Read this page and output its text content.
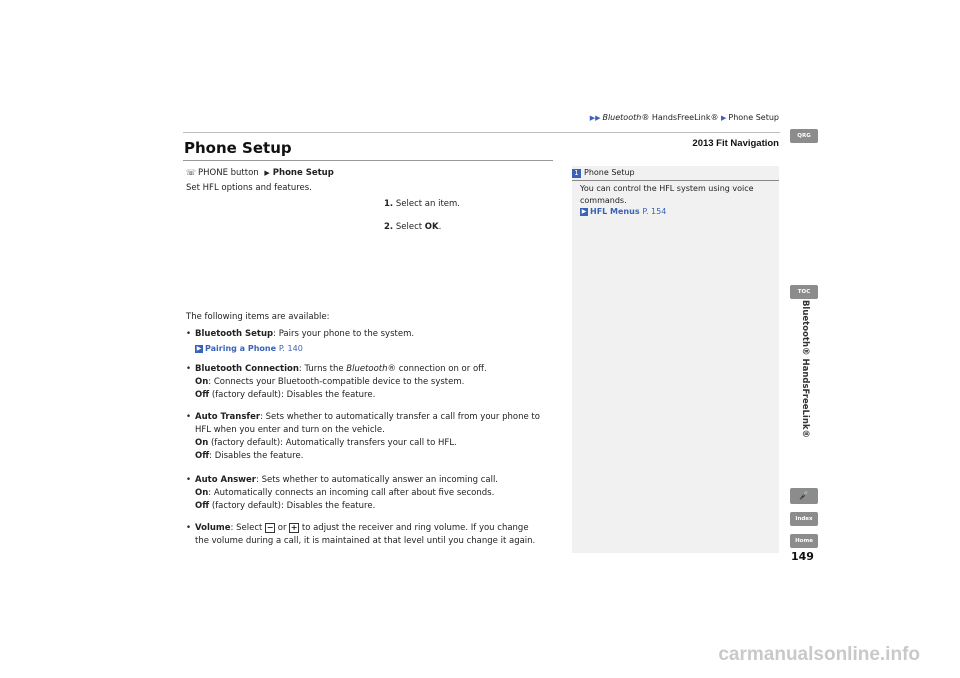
▶▶ Bluetooth® HandsFreeLink® ▶ Phone Setup
2013 Fit Navigation
Phone Setup
☏ PHONE button ▶ Phone Setup
Set HFL options and features.
1. Select an item.
2. Select OK.
The following items are available:
• Bluetooth Setup: Pairs your phone to the system.
▶ Pairing a Phone P. 140
• Bluetooth Connection: Turns the Bluetooth® connection on or off.
On: Connects your Bluetooth-compatible device to the system.
Off (factory default): Disables the feature.
• Auto Transfer: Sets whether to automatically transfer a call from your phone to
HFL when you enter and turn on the vehicle.
On (factory default): Automatically transfers your call to HFL.
Off: Disables the feature.
• Auto Answer: Sets whether to automatically answer an incoming call.
On: Automatically connects an incoming call after about five seconds.
Off (factory default): Disables the feature.
• Volume: Select − or + to adjust the receiver and ring volume. If you change
the volume during a call, it is maintained at that level until you change it again.
1 Phone Setup
You can control the HFL system using voice commands.
▶ HFL Menus P. 154
QRG
TOC
Bluetooth® HandsFreeLink®
🎤
Index
Home
149
carmanualsonline.info
